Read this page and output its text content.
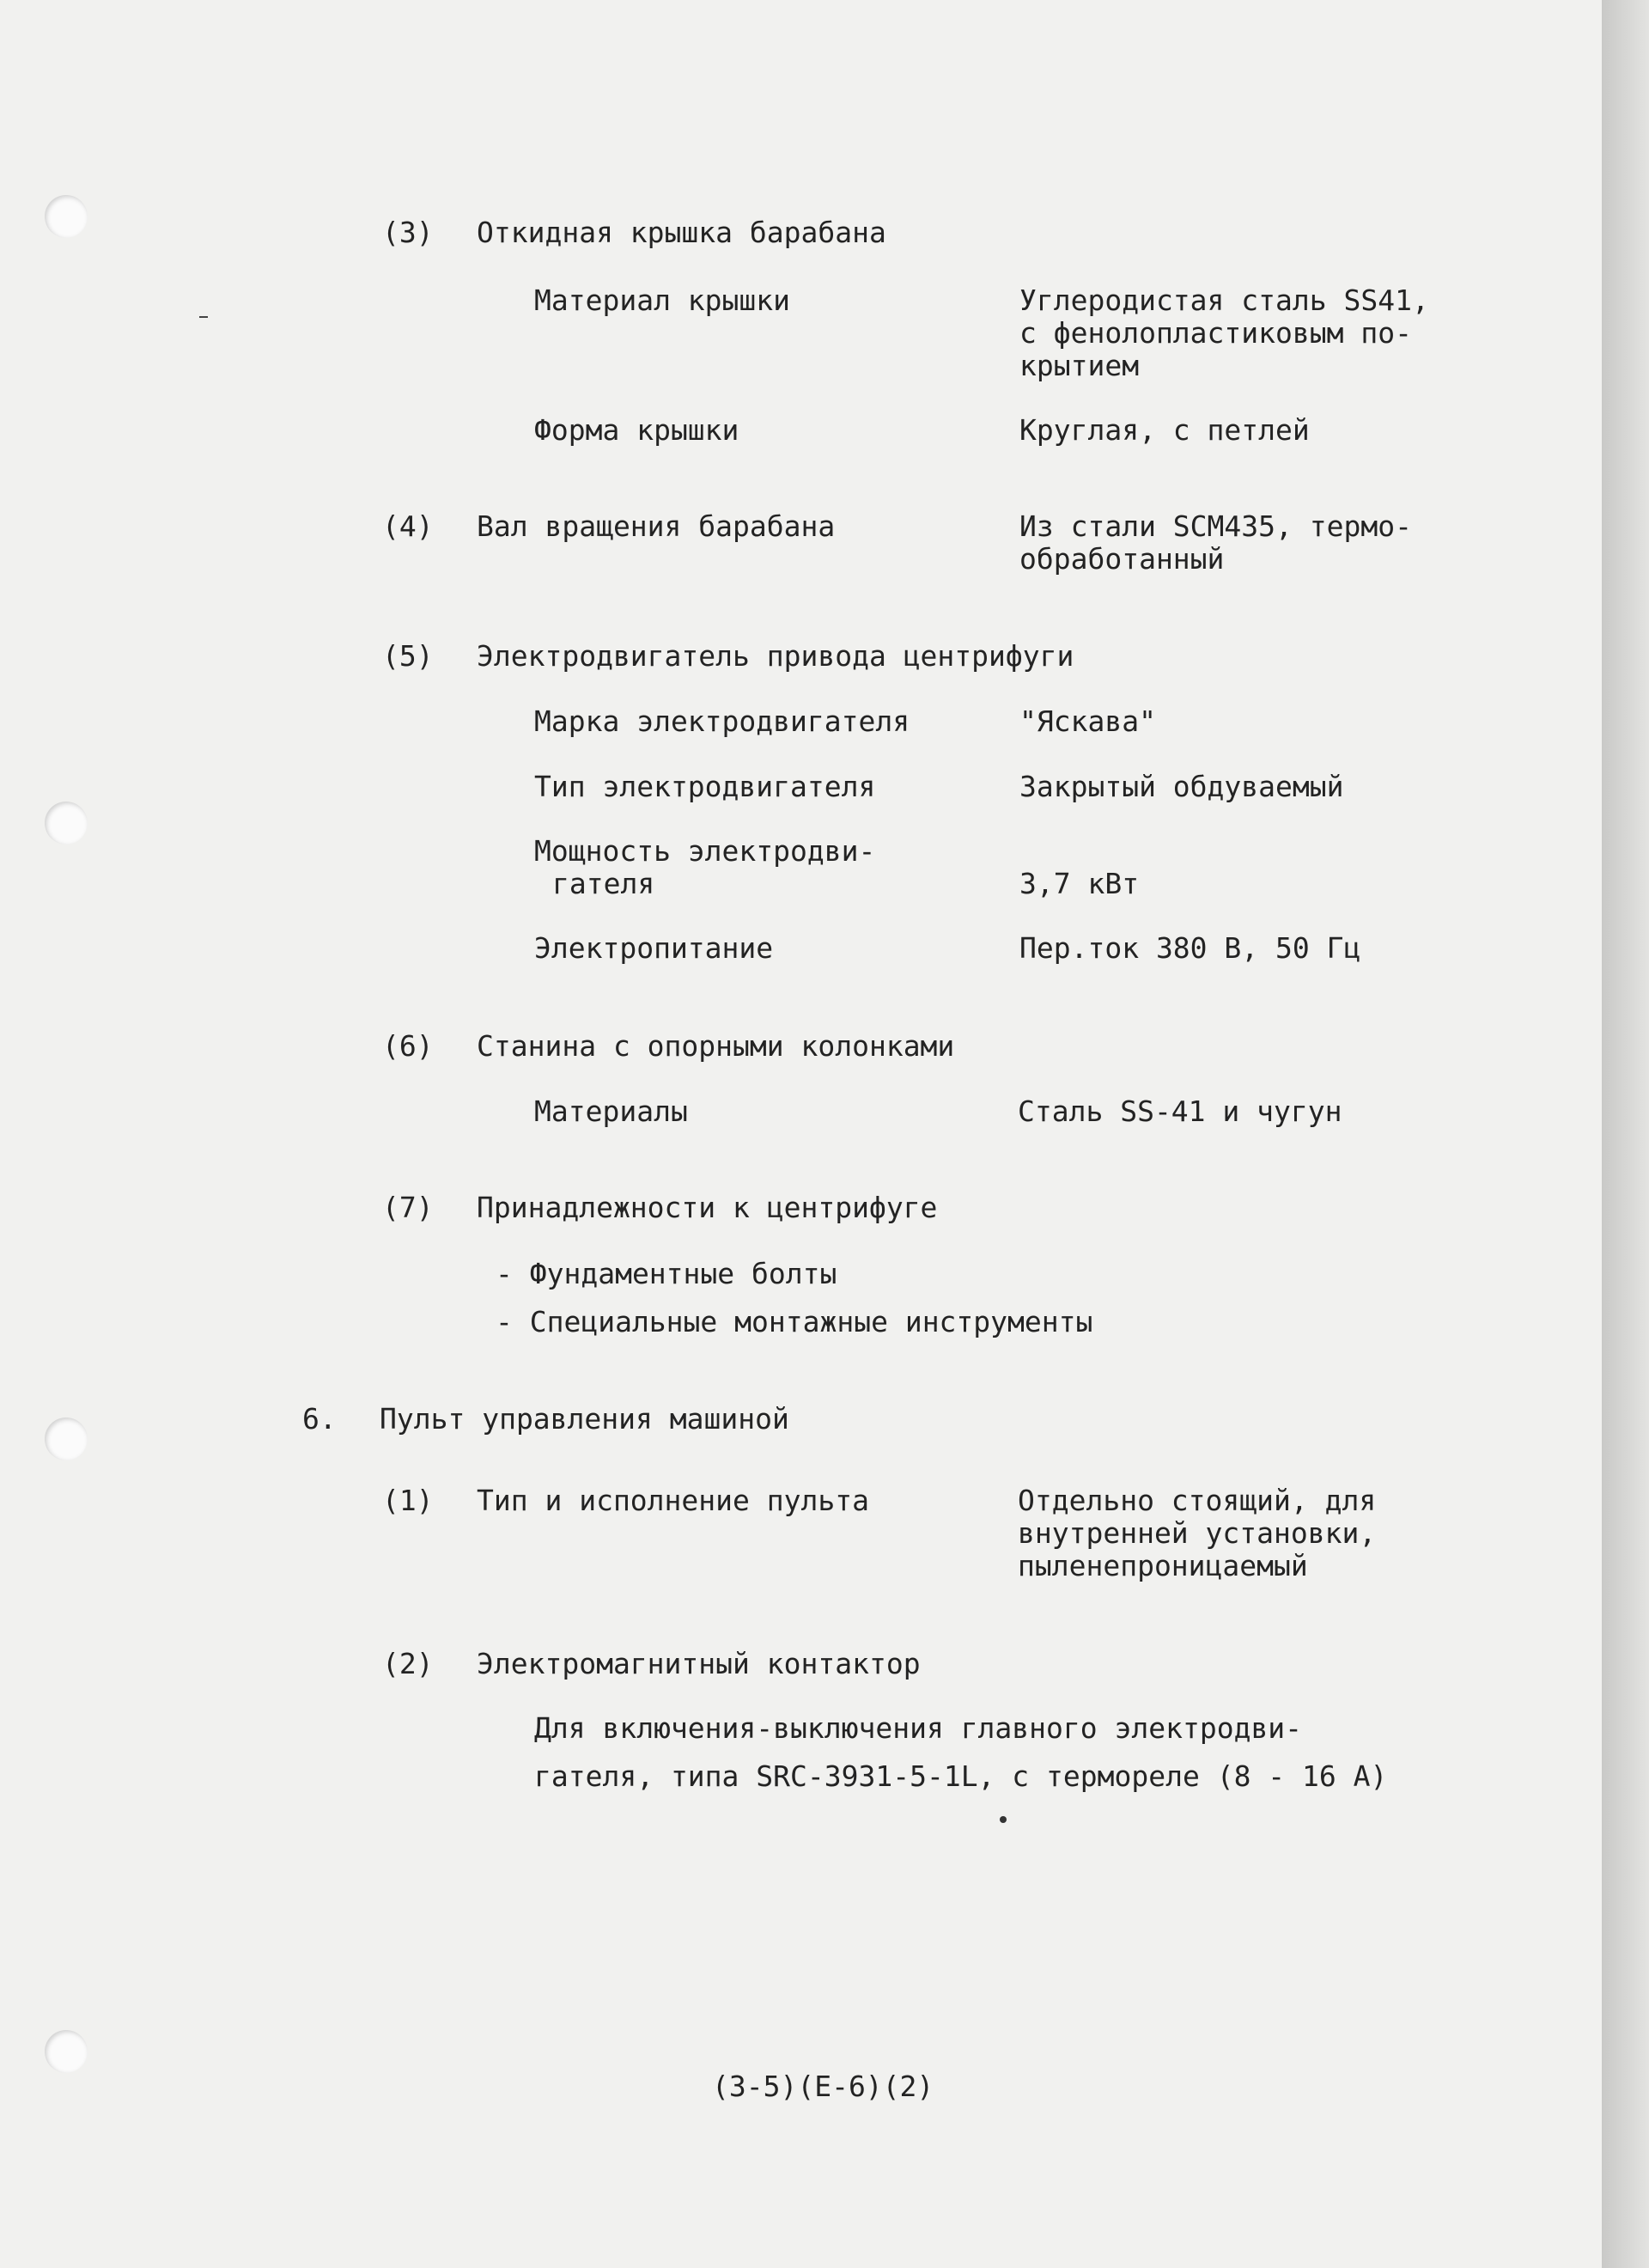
(3) Откидная крышка барабана
Материал крышки	Углеродистая сталь SS41,
с фенолопластиковым по-
крытием
Форма крышки	Круглая, с петлей
(4) Вал вращения барабана	Из стали SCM435, термо-
обработанный
(5) Электродвигатель привода центрифуги
Марка электродвигателя	"Яскава"
Тип электродвигателя	Закрытый обдуваемый
Мощность электродви-
гателя	3,7 кВт
Электропитание	Пер.ток 380 В, 50 Гц
(6) Станина с опорными колонками
Материалы	Сталь SS-41 и чугун
(7) Принадлежности к центрифуге
- Фундаментные болты
- Специальные монтажные инструменты
6. Пульт управления машиной
(1) Тип и исполнение пульта	Отдельно стоящий, для
внутренней установки,
пыленепроницаемый
(2) Электромагнитный контактор
Для включения-выключения главного электродви-
гателя, типа SRC-3931-5-1L, с термореле (8 - 16 А)
(3-5)(Е-6)(2)
